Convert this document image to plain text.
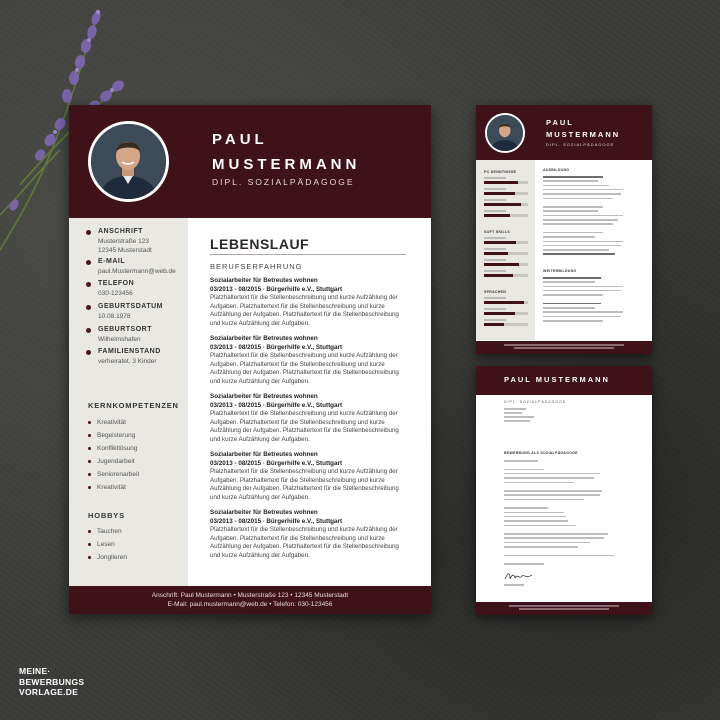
PAUL
MUSTERMANN
DIPL. SOZIALPÄDAGOGE
ANSCHRIFT
Musterstraße 123
12345 Musterstadt
E-MAIL
paul.Mustermann@web.de
TELEFON
030-123456
GEBURTSDATUM
10.08.1978
GEBURTSORT
Wilhelmshafen
FAMILIENSTAND
verheiratet, 3 Kinder
KERNKOMPETENZEN
Kreativität
Begeisterung
Konfliktlösung
Jugendarbeit
Seniorenarbeit
Kreativität
HOBBYS
Tauchen
Lesen
Jonglieren
LEBENSLAUF
BERUFSERFAHRUNG
Sozialarbeiter für Betreutes wohnen
03/2013 - 08/2015 ∙ Bürgerhilfe e.V., Stuttgart
Platzhaltertext für die Stellenbeschreibung und kurze Aufzählung der
Aufgaben. Platzhaltertext für die Stellenbeschreibung und kurze
Aufzählung der Aufgaben. Platzhaltertext für die Stellenbeschreibung
und kurze Aufzählung der Aufgaben.
Sozialarbeiter für Betreutes wohnen
03/2013 - 08/2015 ∙ Bürgerhilfe e.V., Stuttgart
Platzhaltertext für die Stellenbeschreibung und kurze Aufzählung der
Aufgaben. Platzhaltertext für die Stellenbeschreibung und kurze
Aufzählung der Aufgaben. Platzhaltertext für die Stellenbeschreibung
und kurze Aufzählung der Aufgaben.
Sozialarbeiter für Betreutes wohnen
03/2013 - 08/2015 ∙ Bürgerhilfe e.V., Stuttgart
Platzhaltertext für die Stellenbeschreibung und kurze Aufzählung der
Aufgaben. Platzhaltertext für die Stellenbeschreibung und kurze
Aufzählung der Aufgaben. Platzhaltertext für die Stellenbeschreibung
und kurze Aufzählung der Aufgaben.
Sozialarbeiter für Betreutes wohnen
03/2013 - 08/2015 ∙ Bürgerhilfe e.V., Stuttgart
Platzhaltertext für die Stellenbeschreibung und kurze Aufzählung der
Aufgaben. Platzhaltertext für die Stellenbeschreibung und kurze
Aufzählung der Aufgaben. Platzhaltertext für die Stellenbeschreibung
und kurze Aufzählung der Aufgaben.
Sozialarbeiter für Betreutes wohnen
03/2013 - 08/2015 ∙ Bürgerhilfe e.V., Stuttgart
Platzhaltertext für die Stellenbeschreibung und kurze Aufzählung der
Aufgaben. Platzhaltertext für die Stellenbeschreibung und kurze
Aufzählung der Aufgaben. Platzhaltertext für die Stellenbeschreibung
und kurze Aufzählung der Aufgaben.
Anschrift: Paul Mustermann • Musterstraße 123 • 12345 Musterstadt
E-Mail: paul.mustermann@web.de • Telefon: 030-123456
PAUL
MUSTERMANN
DIPL. SOZIALPÄDAGOGE
PC KENNTNISSE
SOFT SKILLS
SPRACHEN
AUSBILDUNG
WEITERBILDUNG
PAUL MUSTERMANN
DIPL. SOZIALPÄDAGOGE
BEWERBUNG ALS SOZIALPÄDAGOGE
MEINE·
BEWERBUNGS
VORLAGE.DE
